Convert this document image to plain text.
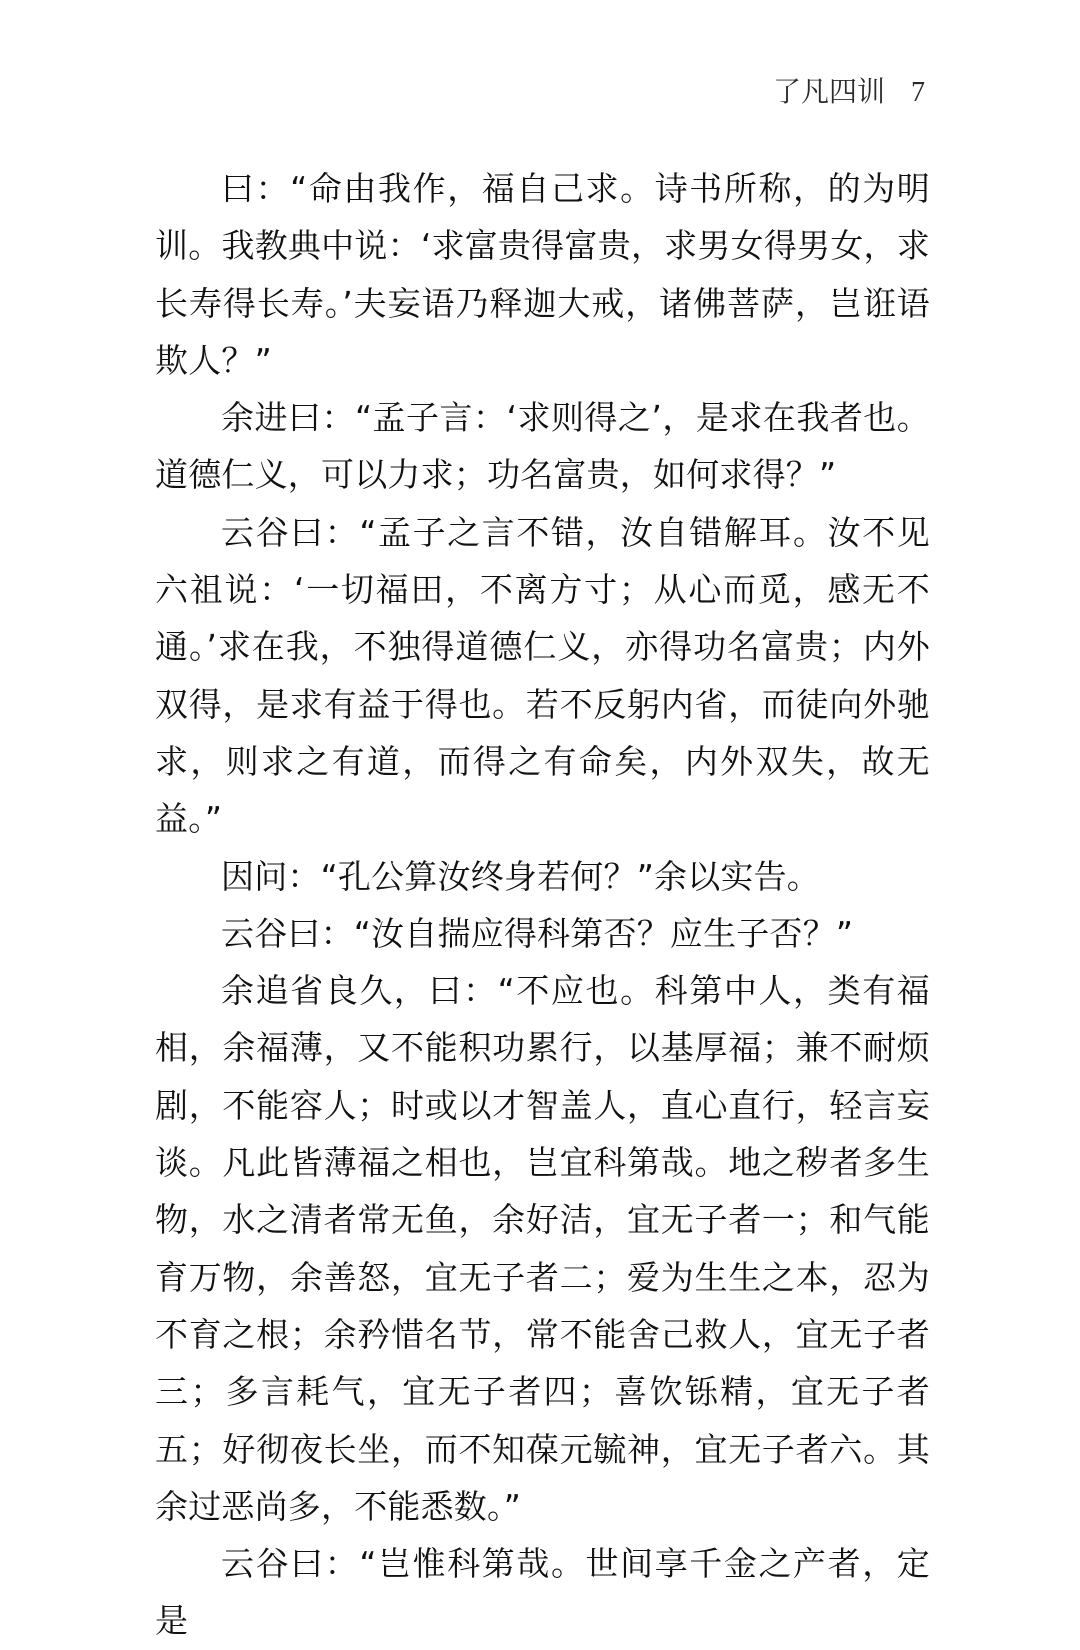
了凡四训 7

曰：“命由我作，福自己求。诗书所称，的为明训。我教典中说：‘求富贵得富贵，求男女得男女，求长寿得长寿。’夫妄语乃释迦大戒，诸佛菩萨，岂诳语欺人？”

余进曰：“孟子言：‘求则得之’，是求在我者也。道德仁义，可以力求；功名富贵，如何求得？”

云谷曰：“孟子之言不错，汝自错解耳。汝不见六祖说：‘一切福田，不离方寸；从心而觅，感无不通。’求在我，不独得道德仁义，亦得功名富贵；内外双得，是求有益于得也。若不反躬内省，而徒向外驰求，则求之有道，而得之有命矣，内外双失，故无益。”

因问：“孔公算汝终身若何？”余以实告。

云谷曰：“汝自揣应得科第否？应生子否？”

余追省良久，曰：“不应也。科第中人，类有福相，余福薄，又不能积功累行，以基厚福；兼不耐烦剧，不能容人；时或以才智盖人，直心直行，轻言妄谈。凡此皆薄福之相也，岂宜科第哉。地之秽者多生物，水之清者常无鱼，余好洁，宜无子者一；和气能育万物，余善怒，宜无子者二；爱为生生之本，忍为不育之根；余矜惜名节，常不能舍己救人，宜无子者三；多言耗气，宜无子者四；喜饮铄精，宜无子者五；好彻夜长坐，而不知葆元毓神，宜无子者六。其余过恶尚多，不能悉数。”

云谷曰：“岂惟科第哉。世间享千金之产者，定是
